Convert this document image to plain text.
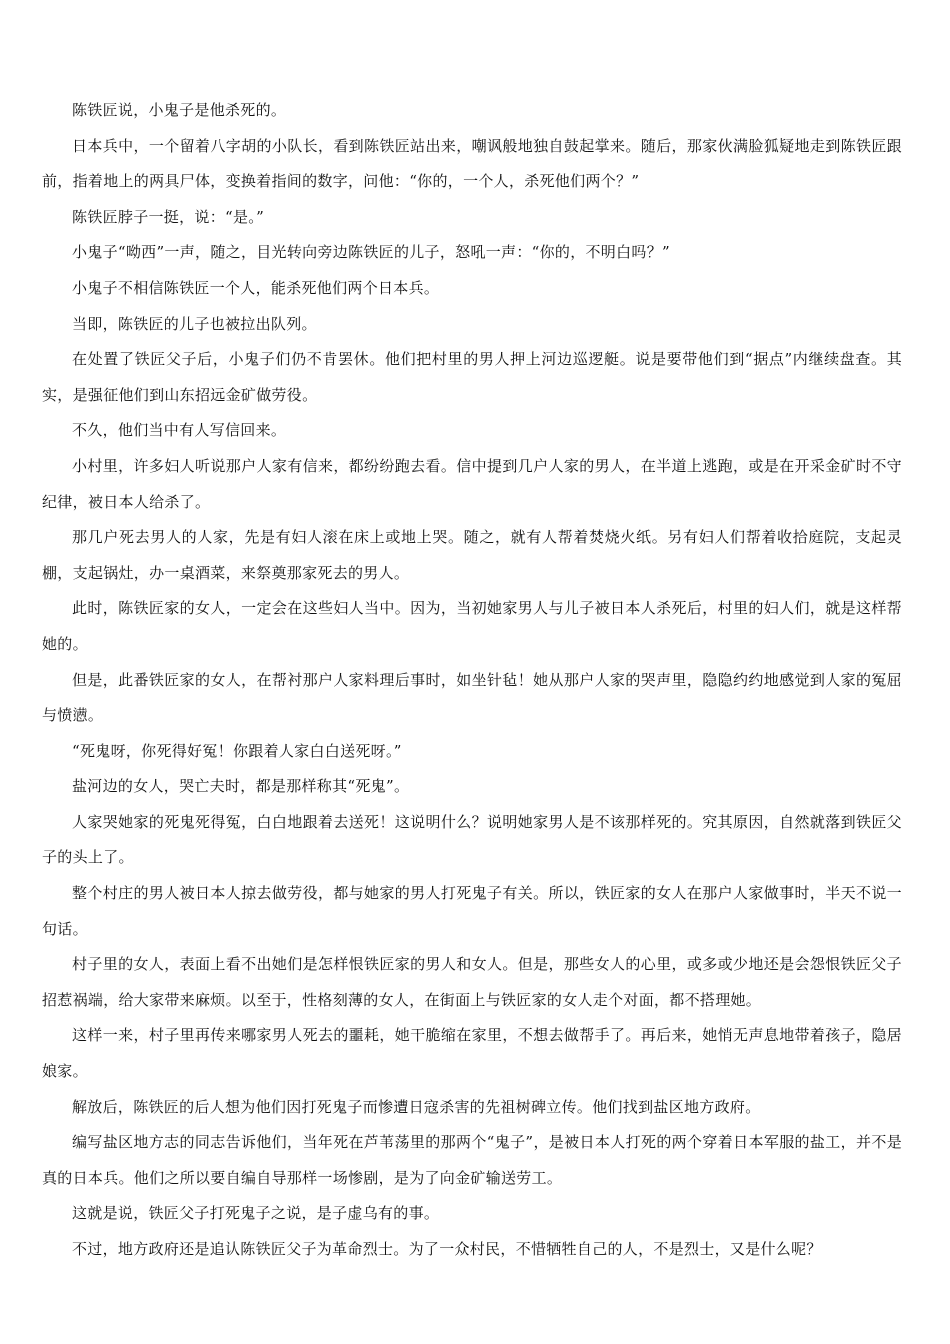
陈铁匠说，小鬼子是他杀死的。

日本兵中，一个留着八字胡的小队长，看到陈铁匠站出来，嘲讽般地独自鼓起掌来。随后，那家伙满脸狐疑地走到陈铁匠跟前，指着地上的两具尸体，变换着指间的数字，问他：“你的，一个人，杀死他们两个？”

陈铁匠脖子一挺，说：“是。”

小鬼子“呦西”一声，随之，目光转向旁边陈铁匠的儿子，怒吼一声：“你的，不明白吗？”

小鬼子不相信陈铁匠一个人，能杀死他们两个日本兵。

当即，陈铁匠的儿子也被拉出队列。

在处置了铁匠父子后，小鬼子们仍不肯罢休。他们把村里的男人押上河边巡逻艇。说是要带他们到“据点”内继续盘查。其实，是强征他们到山东招远金矿做劳役。

不久，他们当中有人写信回来。

小村里，许多妇人听说那户人家有信来，都纷纷跑去看。信中提到几户人家的男人，在半道上逃跑，或是在开采金矿时不守纪律，被日本人给杀了。

那几户死去男人的人家，先是有妇人滚在床上或地上哭。随之，就有人帮着焚烧火纸。另有妇人们帮着收拾庭院，支起灵棚，支起锅灶，办一桌酒菜，来祭奠那家死去的男人。

此时，陈铁匠家的女人，一定会在这些妇人当中。因为，当初她家男人与儿子被日本人杀死后，村里的妇人们，就是这样帮她的。

但是，此番铁匠家的女人，在帮衬那户人家料理后事时，如坐针毡！她从那户人家的哭声里，隐隐约约地感觉到人家的冤屈与愤懑。

“死鬼呀，你死得好冤！你跟着人家白白送死呀。”

盐河边的女人，哭亡夫时，都是那样称其“死鬼”。

人家哭她家的死鬼死得冤，白白地跟着去送死！这说明什么？说明她家男人是不该那样死的。究其原因，自然就落到铁匠父子的头上了。

整个村庄的男人被日本人掠去做劳役，都与她家的男人打死鬼子有关。所以，铁匠家的女人在那户人家做事时，半天不说一句话。

村子里的女人，表面上看不出她们是怎样恨铁匠家的男人和女人。但是，那些女人的心里，或多或少地还是会怨恨铁匠父子招惹祸端，给大家带来麻烦。以至于，性格刻薄的女人，在街面上与铁匠家的女人走个对面，都不搭理她。

这样一来，村子里再传来哪家男人死去的噩耗，她干脆缩在家里，不想去做帮手了。再后来，她悄无声息地带着孩子，隐居娘家。

解放后，陈铁匠的后人想为他们因打死鬼子而惨遭日寇杀害的先祖树碑立传。他们找到盐区地方政府。

编写盐区地方志的同志告诉他们，当年死在芦苇荡里的那两个“鬼子”，是被日本人打死的两个穿着日本军服的盐工，并不是真的日本兵。他们之所以要自编自导那样一场惨剧，是为了向金矿输送劳工。

这就是说，铁匠父子打死鬼子之说，是子虚乌有的事。

不过，地方政府还是追认陈铁匠父子为革命烈士。为了一众村民，不惜牺牲自己的人，不是烈士，又是什么呢？
